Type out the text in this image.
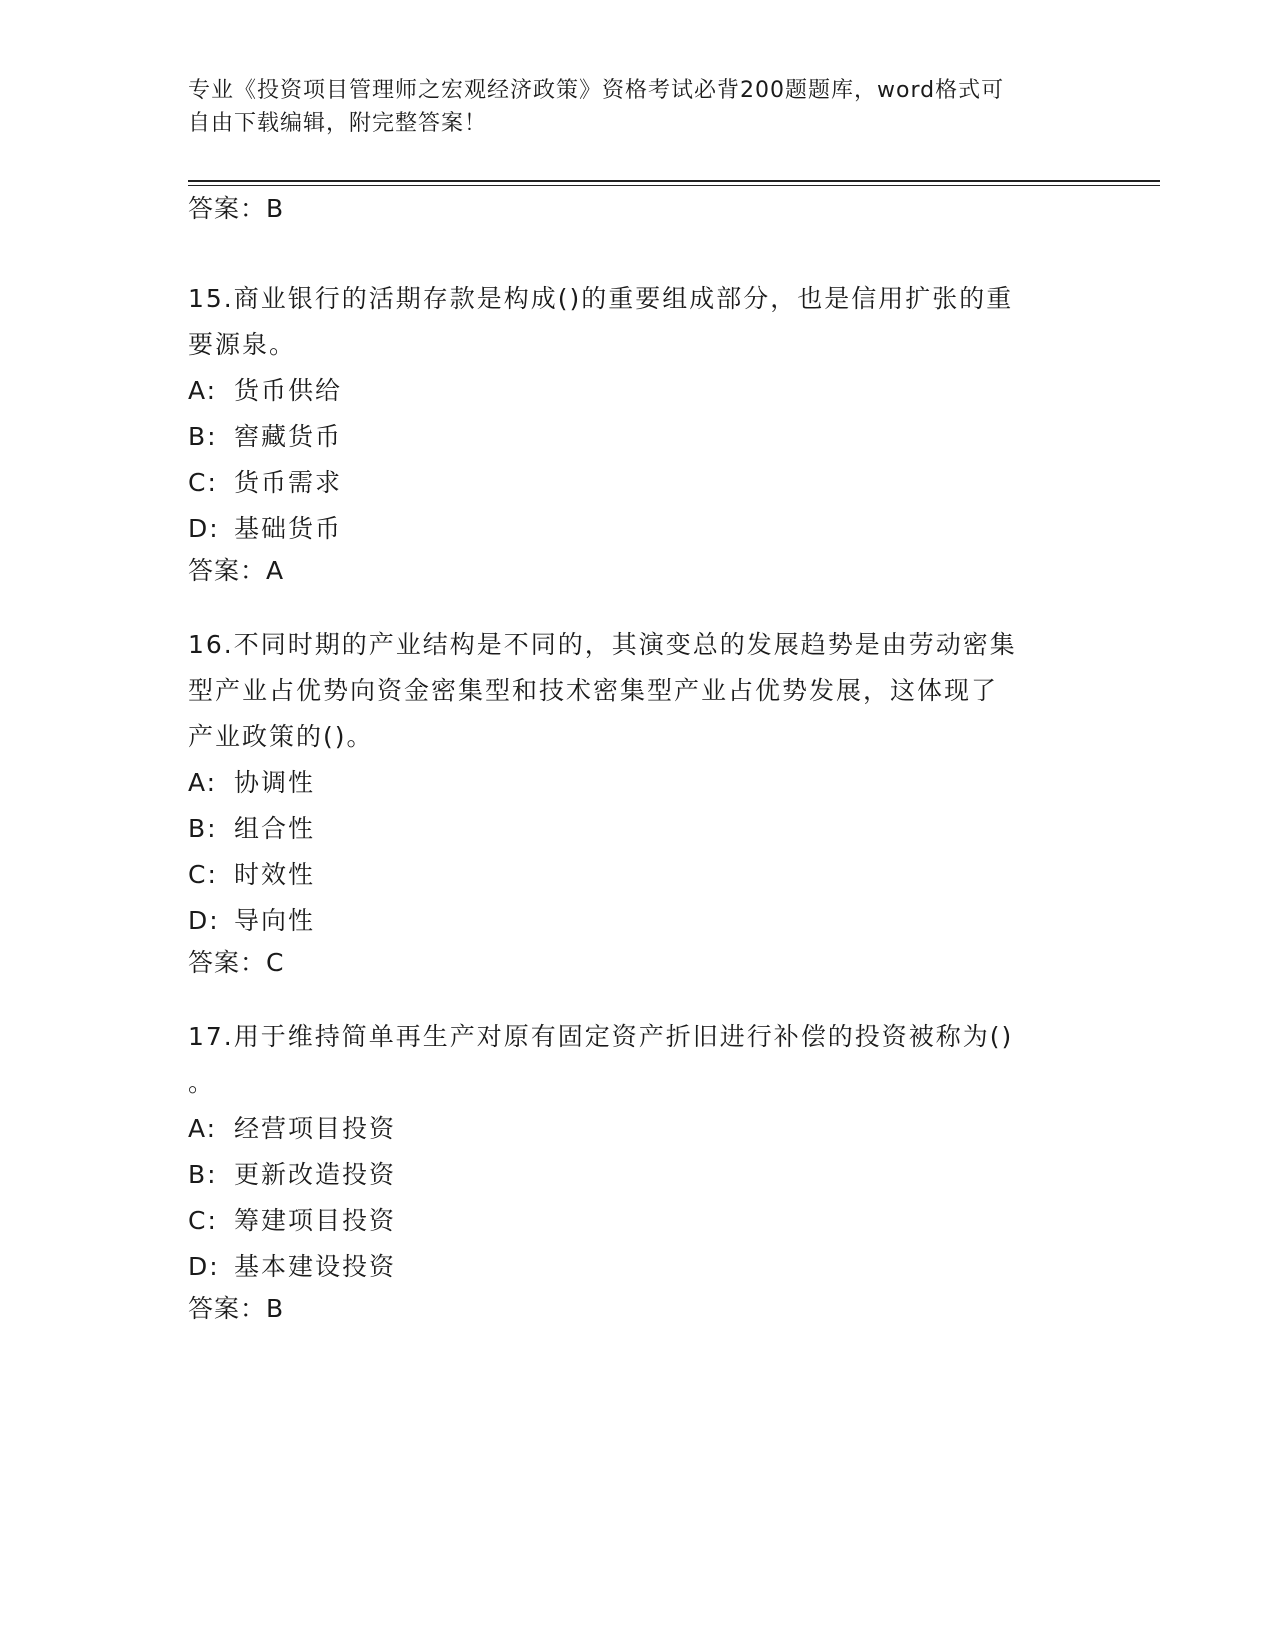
专业《投资项目管理师之宏观经济政策》资格考试必背200题题库，word格式可
自由下载编辑，附完整答案！
答案：B
15.商业银行的活期存款是构成()的重要组成部分，也是信用扩张的重
要源泉。
A: 货币供给
B: 窖藏货币
C: 货币需求
D: 基础货币
答案：A
16.不同时期的产业结构是不同的，其演变总的发展趋势是由劳动密集
型产业占优势向资金密集型和技术密集型产业占优势发展，这体现了
产业政策的()。
A: 协调性
B: 组合性
C: 时效性
D: 导向性
答案：C
17.用于维持简单再生产对原有固定资产折旧进行补偿的投资被称为()
。
A: 经营项目投资
B: 更新改造投资
C: 筹建项目投资
D: 基本建设投资
答案：B
